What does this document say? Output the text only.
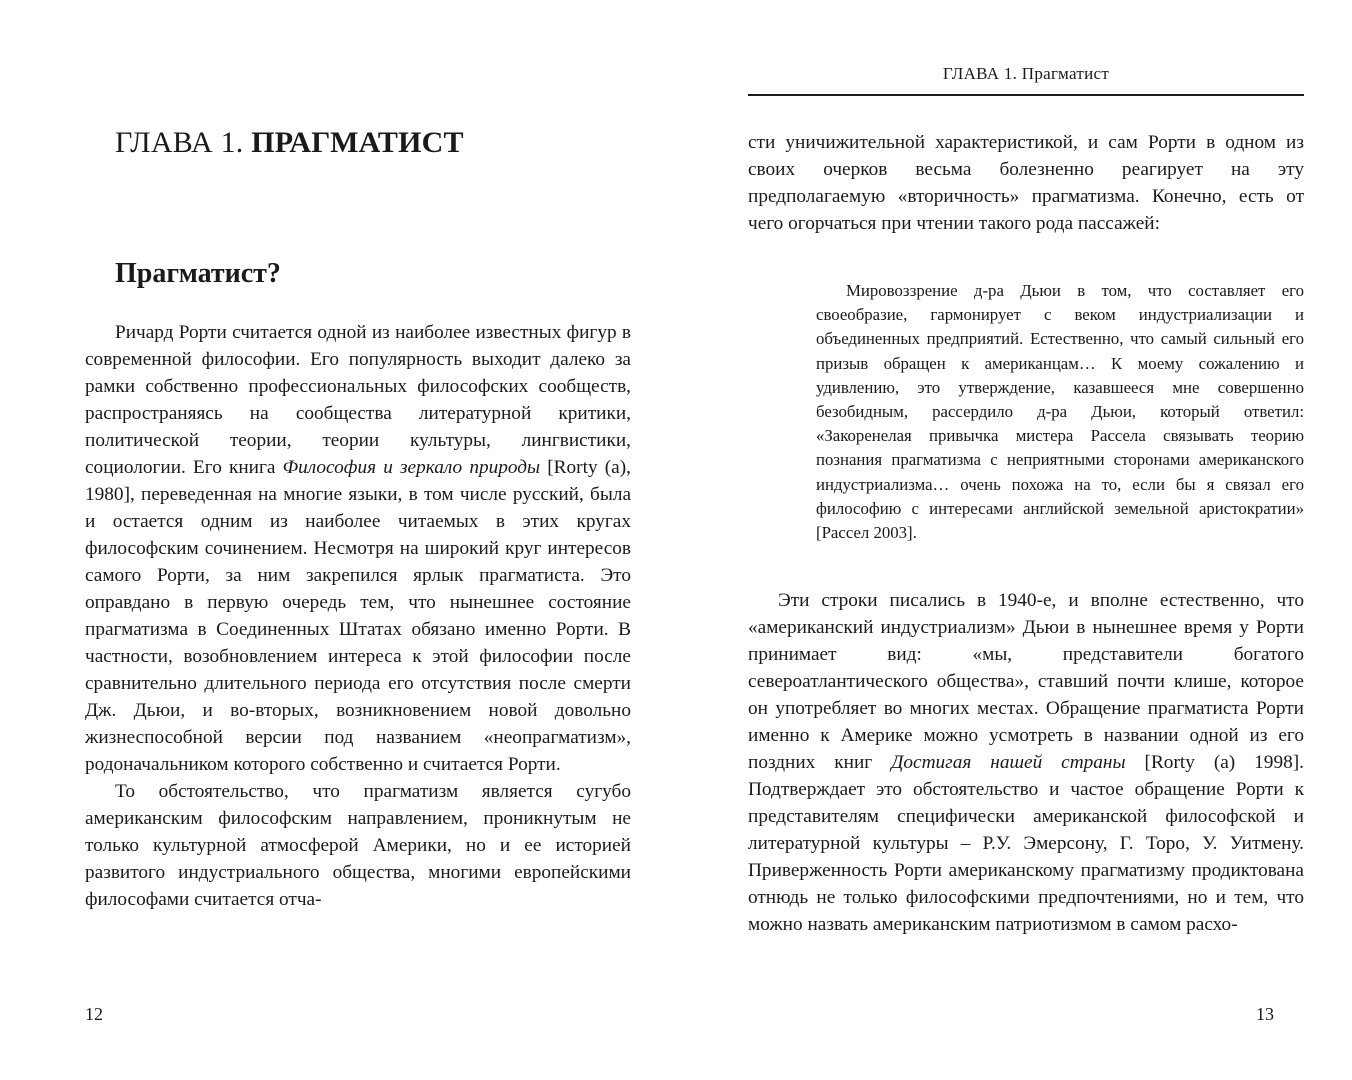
ГЛАВА 1. ПРАГМАТИСТ
Прагматист?

Ричард Рорти считается одной из наиболее известных фигур в современной философии. Его популярность выходит далеко за рамки собственно профессиональных философских сообществ, распространяясь на сообщества литературной критики, политической теории, теории культуры, лингвистики, социологии. Его книга Философия и зеркало природы [Rorty (a), 1980], переведенная на многие языки, в том числе русский, была и остается одним из наиболее читаемых в этих кругах философским сочинением. Несмотря на широкий круг интересов самого Рорти, за ним закрепился ярлык прагматиста. Это оправдано в первую очередь тем, что нынешнее состояние прагматизма в Соединенных Штатах обязано именно Рорти. В частности, возобновлением интереса к этой философии после сравнительно длительного периода его отсутствия после смерти Дж. Дьюи, и во-вторых, возникновением новой довольно жизнеспособной версии под названием «неопрагматизм», родоначальником которого собственно и считается Рорти.

То обстоятельство, что прагматизм является сугубо американским философским направлением, проникнутым не только культурной атмосферой Америки, но и ее историей развитого индустриального общества, многими европейскими философами считается отча-

12
ГЛАВА 1. Прагматист

сти уничижительной характеристикой, и сам Рорти в одном из своих очерков весьма болезненно реагирует на эту предполагаемую «вторичность» прагматизма. Конечно, есть от чего огорчаться при чтении такого рода пассажей:

Мировоззрение д-ра Дьюи в том, что составляет его своеобразие, гармонирует с веком индустриализации и объединенных предприятий. Естественно, что самый сильный его призыв обращен к американцам… К моему сожалению и удивлению, это утверждение, казавшееся мне совершенно безобидным, рассердило д-ра Дьюи, который ответил: «Закоренелая привычка мистера Рассела связывать теорию познания прагматизма с неприятными сторонами американского индустриализма… очень похожа на то, если бы я связал его философию с интересами английской земельной аристократии» [Рассел 2003].

Эти строки писались в 1940-е, и вполне естественно, что «американский индустриализм» Дьюи в нынешнее время у Рорти принимает вид: «мы, представители богатого североатлантического общества», ставший почти клише, которое он употребляет во многих местах. Обращение прагматиста Рорти именно к Америке можно усмотреть в названии одной из его поздних книг Достигая нашей страны [Rorty (a) 1998]. Подтверждает это обстоятельство и частое обращение Рорти к представителям специфически американской философской и литературной культуры – Р.У. Эмерсону, Г. Торо, У. Уитмену. Приверженность Рорти американскому прагматизму продиктована отнюдь не только философскими предпочтениями, но и тем, что можно назвать американским патриотизмом в самом расхо-

13
